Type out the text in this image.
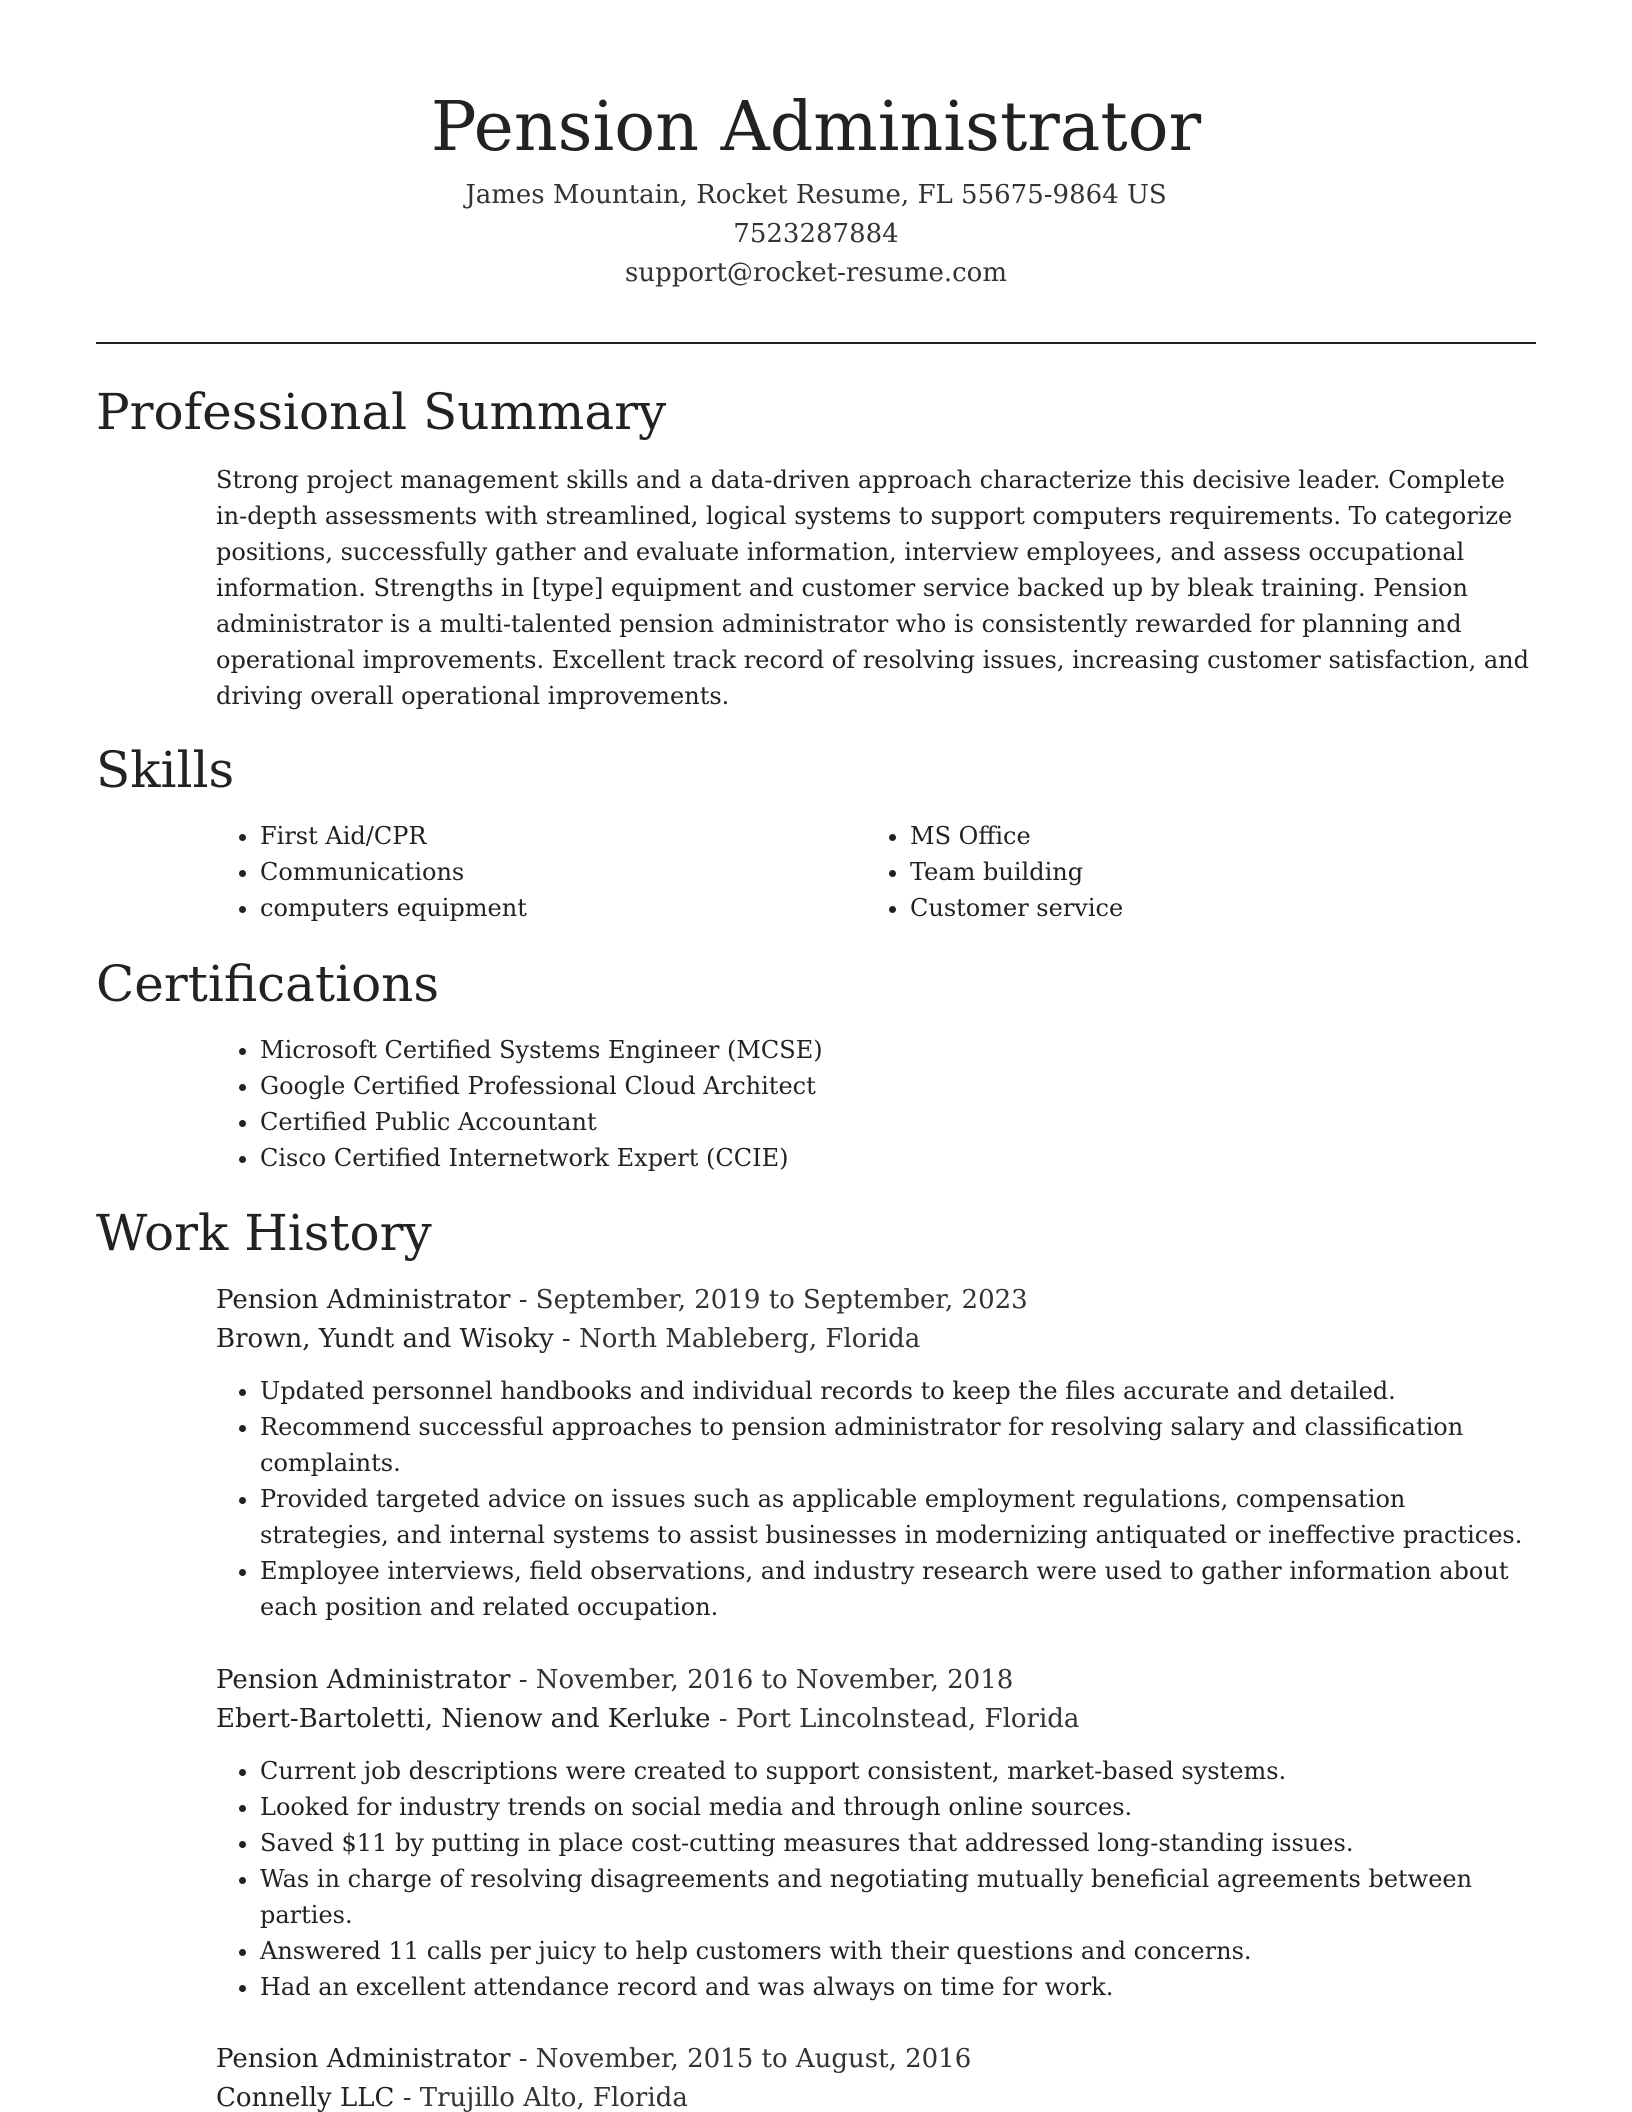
Pension Administrator
James Mountain, Rocket Resume, FL 55675-9864 US
7523287884
support@rocket-resume.com
Professional Summary

Strong project management skills and a data-driven approach characterize this decisive leader. Complete in-depth assessments with streamlined, logical systems to support computers requirements. To categorize positions, successfully gather and evaluate information, interview employees, and assess occupational information. Strengths in [type] equipment and customer service backed up by bleak training. Pension administrator is a multi-talented pension administrator who is consistently rewarded for planning and operational improvements. Excellent track record of resolving issues, increasing customer satisfaction, and driving overall operational improvements.

Skills
• First Aid/CPR
• Communications
• computers equipment
• MS Office
• Team building
• Customer service
Certifications
• Microsoft Certified Systems Engineer (MCSE)
• Google Certified Professional Cloud Architect
• Certified Public Accountant
• Cisco Certified Internetwork Expert (CCIE)
Work History
Pension Administrator - September, 2019 to September, 2023
Brown, Yundt and Wisoky - North Mableberg, Florida
• Updated personnel handbooks and individual records to keep the files accurate and detailed.
• Recommend successful approaches to pension administrator for resolving salary and classification complaints.
• Provided targeted advice on issues such as applicable employment regulations, compensation strategies, and internal systems to assist businesses in modernizing antiquated or ineffective practices.
• Employee interviews, field observations, and industry research were used to gather information about each position and related occupation.
Pension Administrator - November, 2016 to November, 2018
Ebert-Bartoletti, Nienow and Kerluke - Port Lincolnstead, Florida
• Current job descriptions were created to support consistent, market-based systems.
• Looked for industry trends on social media and through online sources.
• Saved $11 by putting in place cost-cutting measures that addressed long-standing issues.
• Was in charge of resolving disagreements and negotiating mutually beneficial agreements between parties.
• Answered 11 calls per juicy to help customers with their questions and concerns.
• Had an excellent attendance record and was always on time for work.
Pension Administrator - November, 2015 to August, 2016
Connelly LLC - Trujillo Alto, Florida
